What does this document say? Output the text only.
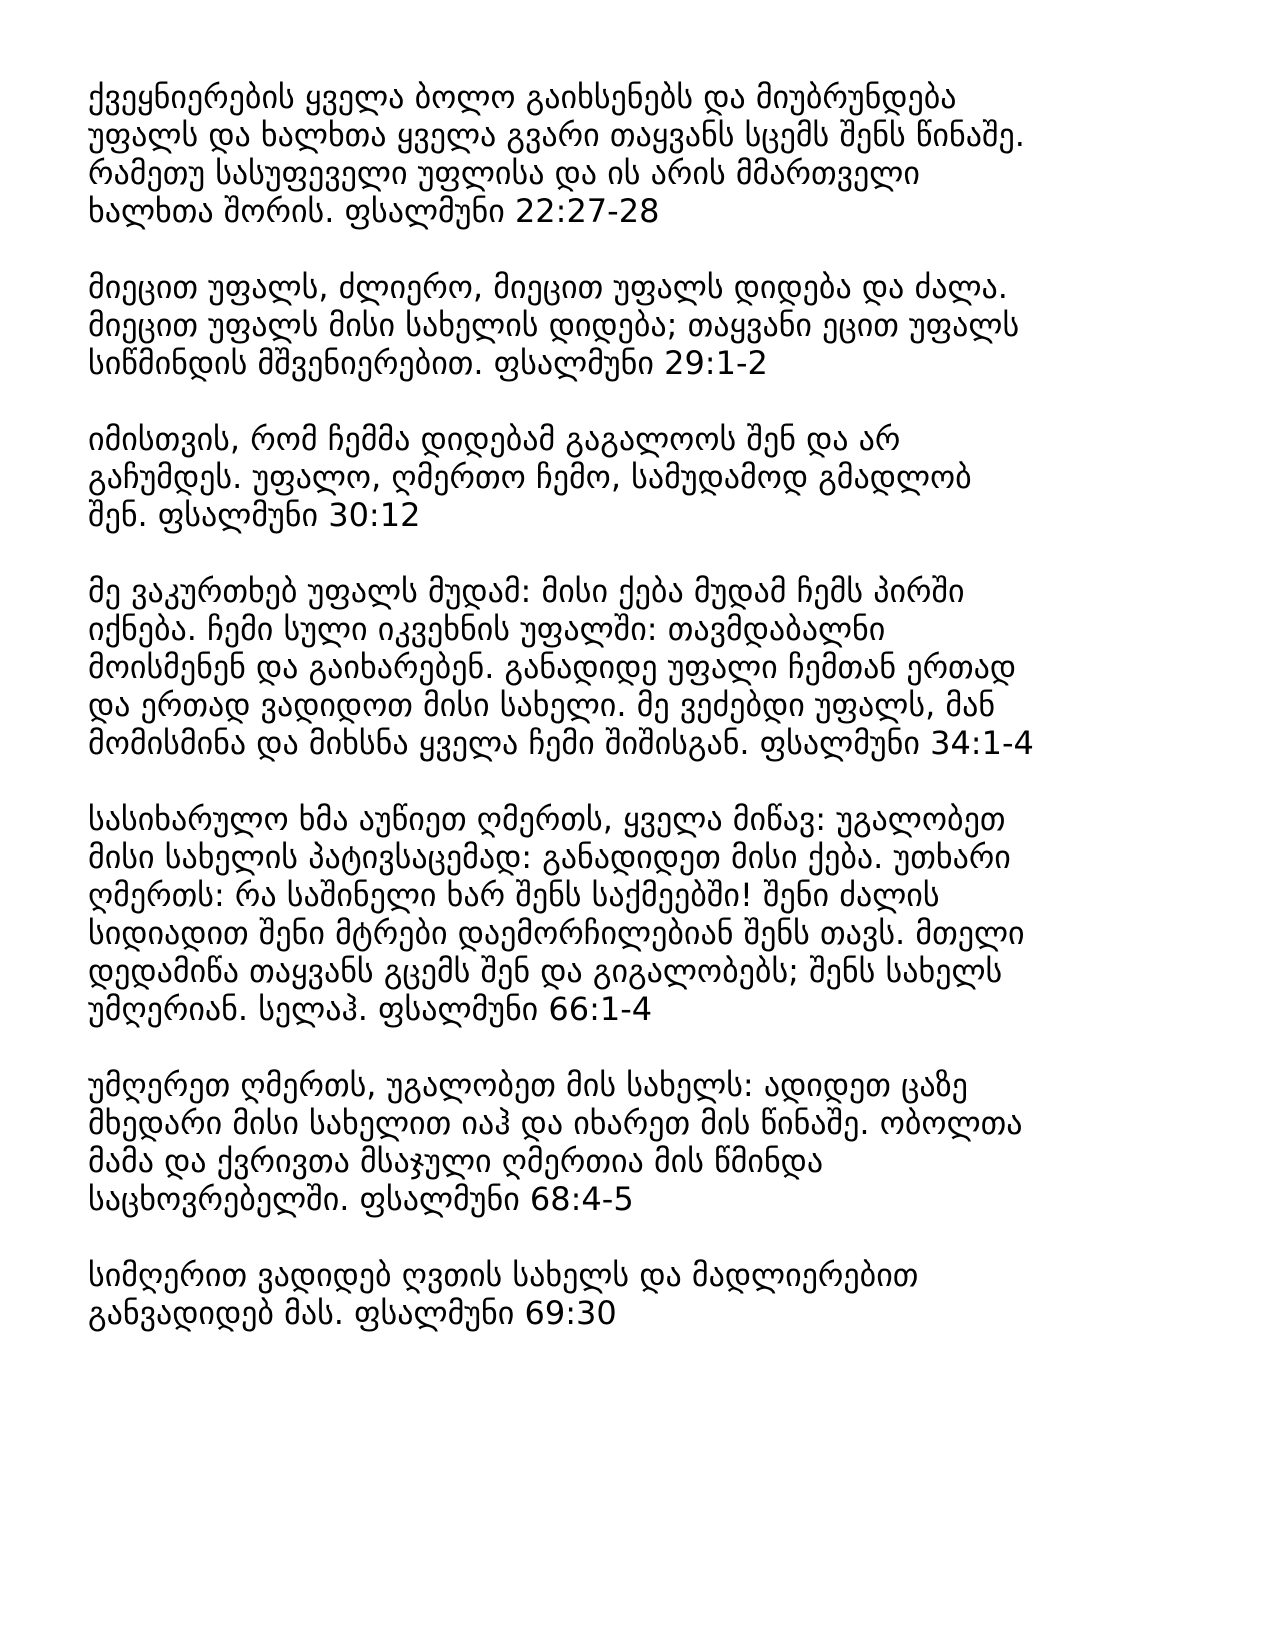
ქვეყნიერების ყველა ბოლო გაიხსენებს და მიუბრუნდება
უფალს და ხალხთა ყველა გვარი თაყვანს სცემს შენს წინაშე.
რამეთუ სასუფეველი უფლისა და ის არის მმართველი
ხალხთა შორის. ფსალმუნი 22:27-28
მიეცით უფალს, ძლიერო, მიეცით უფალს დიდება და ძალა.
მიეცით უფალს მისი სახელის დიდება; თაყვანი ეცით უფალს
სიწმინდის მშვენიერებით. ფსალმუნი 29:1-2
იმისთვის, რომ ჩემმა დიდებამ გაგალოოს შენ და არ
გაჩუმდეს. უფალო, ღმერთო ჩემო, სამუდამოდ გმადლობ
შენ. ფსალმუნი 30:12
მე ვაკურთხებ უფალს მუდამ: მისი ქება მუდამ ჩემს პირში
იქნება. ჩემი სული იკვეხნის უფალში: თავმდაბალნი
მოისმენენ და გაიხარებენ. განადიდე უფალი ჩემთან ერთად
და ერთად ვადიდოთ მისი სახელი. მე ვეძებდი უფალს, მან
მომისმინა და მიხსნა ყველა ჩემი შიშისგან. ფსალმუნი 34:1-4
სასიხარულო ხმა აუწიეთ ღმერთს, ყველა მიწავ: უგალობეთ
მისი სახელის პატივსაცემად: განადიდეთ მისი ქება. უთხარი
ღმერთს: რა საშინელი ხარ შენს საქმეებში! შენი ძალის
სიდიადით შენი მტრები დაემორჩილებიან შენს თავს. მთელი
დედამიწა თაყვანს გცემს შენ და გიგალობებს; შენს სახელს
უმღერიან. სელაჰ. ფსალმუნი 66:1-4
უმღერეთ ღმერთს, უგალობეთ მის სახელს: ადიდეთ ცაზე
მხედარი მისი სახელით იაჰ და იხარეთ მის წინაშე. ობოლთა
მამა და ქვრივთა მსაჯული ღმერთია მის წმინდა
საცხოვრებელში. ფსალმუნი 68:4-5
სიმღერით ვადიდებ ღვთის სახელს და მადლიერებით
განვადიდებ მას. ფსალმუნი 69:30
